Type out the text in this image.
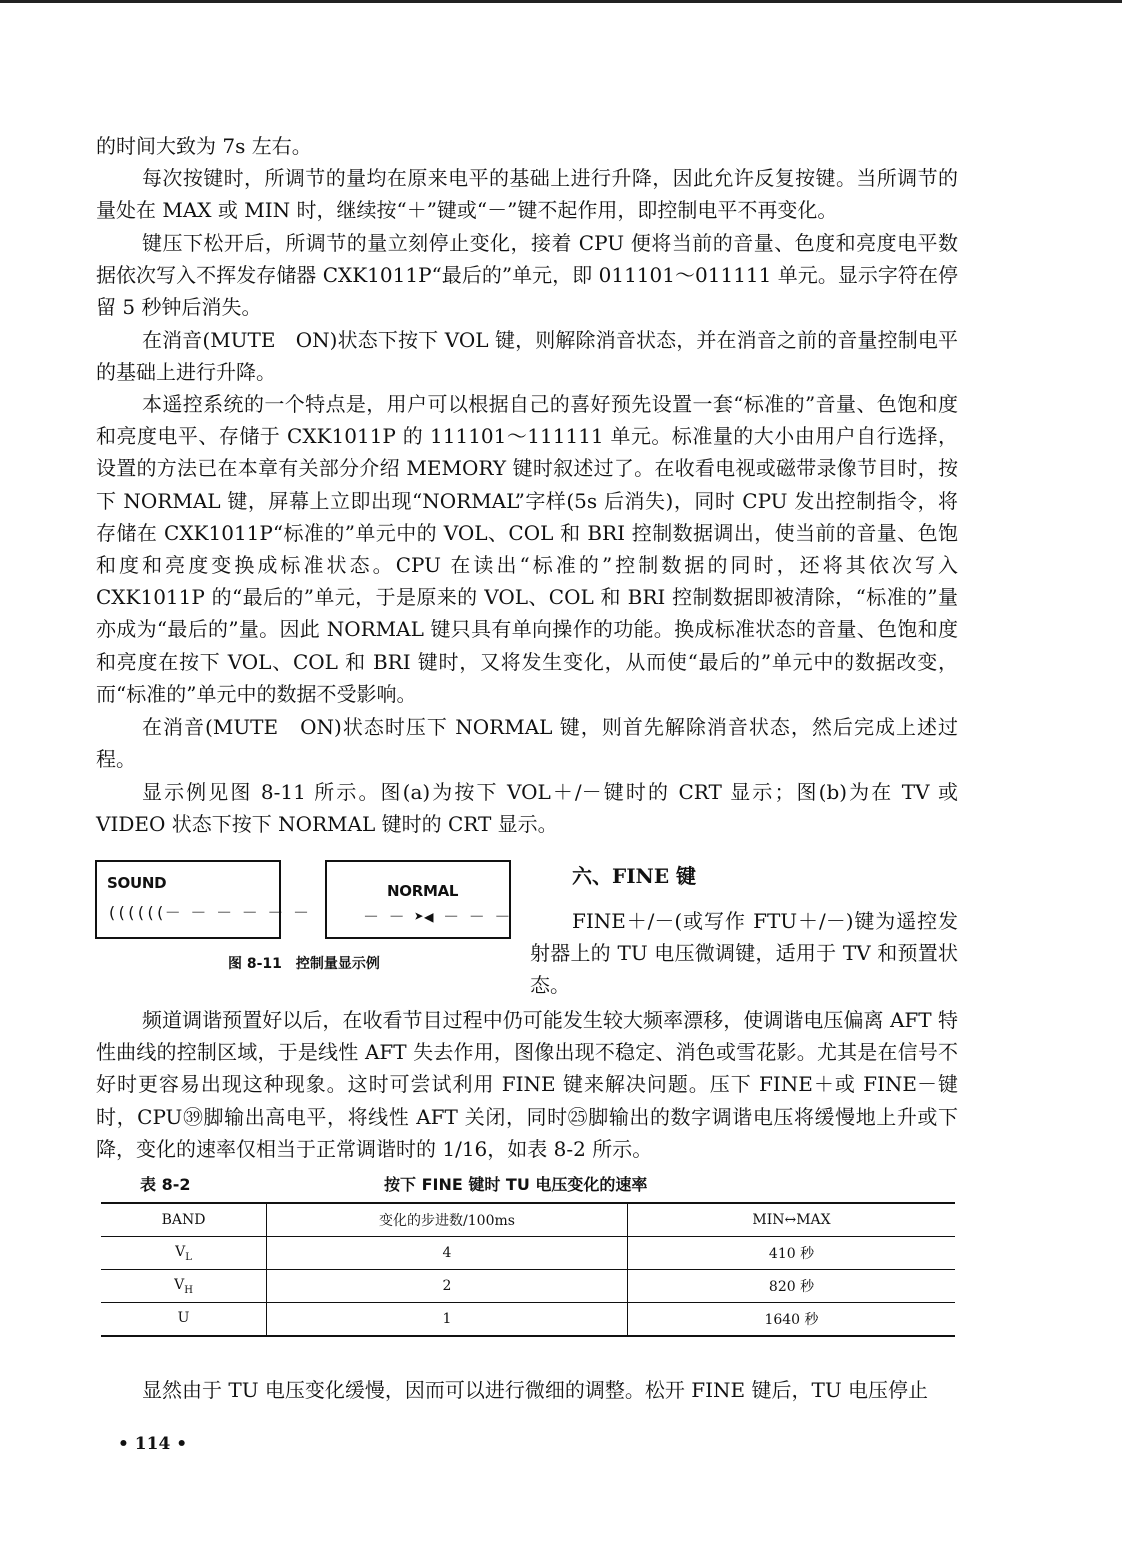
的时间大致为 7s 左右。

每次按键时，所调节的量均在原来电平的基础上进行升降，因此允许反复按键。当所调节的量处在 MAX 或 MIN 时，继续按“＋”键或“－”键不起作用，即控制电平不再变化。

键压下松开后，所调节的量立刻停止变化，接着 CPU 便将当前的音量、色度和亮度电平数据依次写入不挥发存储器 CXK1011P“最后的”单元，即 011101～011111 单元。显示字符在停留 5 秒钟后消失。

在消音(MUTE　ON)状态下按下 VOL 键，则解除消音状态，并在消音之前的音量控制电平的基础上进行升降。

本遥控系统的一个特点是，用户可以根据自己的喜好预先设置一套“标准的”音量、色饱和度和亮度电平、存储于 CXK1011P 的 111101～111111 单元。标准量的大小由用户自行选择，设置的方法已在本章有关部分介绍 MEMORY 键时叙述过了。在收看电视或磁带录像节目时，按下 NORMAL 键，屏幕上立即出现“NORMAL”字样(5s 后消失)，同时 CPU 发出控制指令，将存储在 CXK1011P“标准的”单元中的 VOL、COL 和 BRI 控制数据调出，使当前的音量、色饱和度和亮度变换成标准状态。CPU 在读出“标准的”控制数据的同时，还将其依次写入 CXK1011P 的“最后的”单元，于是原来的 VOL、COL 和 BRI 控制数据即被清除，“标准的”量亦成为“最后的”量。因此 NORMAL 键只具有单向操作的功能。换成标准状态的音量、色饱和度和亮度在按下 VOL、COL 和 BRI 键时，又将发生变化，从而使“最后的”单元中的数据改变，而“标准的”单元中的数据不受影响。

在消音(MUTE　ON)状态时压下 NORMAL 键，则首先解除消音状态，然后完成上述过程。

显示例见图 8-11 所示。图(a)为按下 VOL＋/－键时的 CRT 显示；图(b)为在 TV 或 VIDEO 状态下按下 NORMAL 键时的 CRT 显示。

SOUND
((((((－ － － － － －
NORMAL
－ － ➤◀ － － －
图 8-11　控制量显示例
六、FINE 键

FINE＋/－(或写作 FTU＋/－)键为遥控发射器上的 TU 电压微调键，适用于 TV 和预置状态。

频道调谐预置好以后，在收看节目过程中仍可能发生较大频率漂移，使调谐电压偏离 AFT 特性曲线的控制区域，于是线性 AFT 失去作用，图像出现不稳定、消色或雪花影。尤其是在信号不好时更容易出现这种现象。这时可尝试利用 FINE 键来解决问题。压下 FINE＋或 FINE－键时，CPU㊴脚输出高电平，将线性 AFT 关闭，同时㉕脚输出的数字调谐电压将缓慢地上升或下降，变化的速率仅相当于正常调谐时的 1/16，如表 8-2 所示。

表 8-2	按下 FINE 键时 TU 电压变化的速率
BAND	变化的步进数/100ms	MIN↔MAX
$V_L$	4	410 秒
$V_H$	2	820 秒
U	1	1640 秒

显然由于 TU 电压变化缓慢，因而可以进行微细的调整。松开 FINE 键后，TU 电压停止

• 114 •
